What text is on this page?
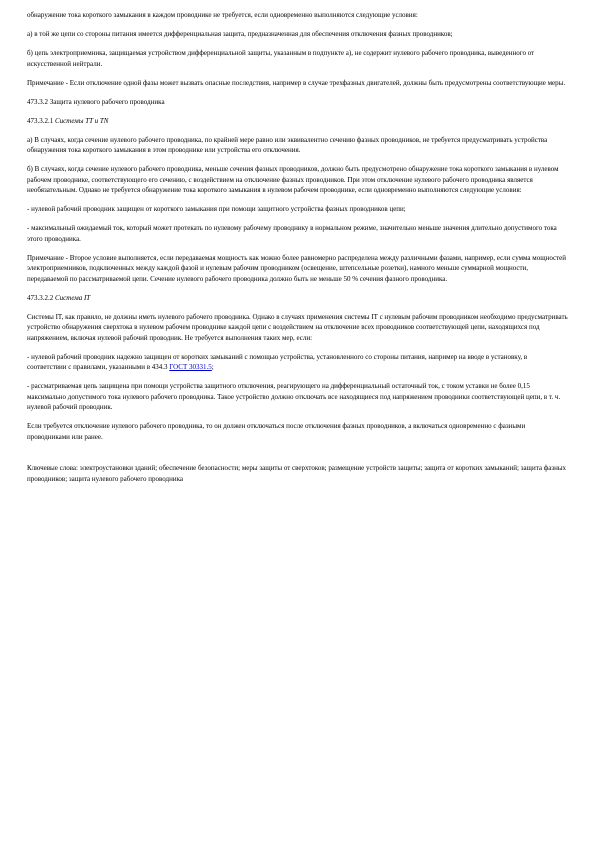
обнаружение тока короткого замыкания в каждом проводнике не требуется, если одновременно выполняются следующие условия:

а) в той же цепи со стороны питания имеется дифференциальная защита, предназначенная для обеспечения отключения фазных проводников;

б) цепь электроприемника, защищаемая устройством дифференциальной защиты, указанным в подпункте а), не содержит нулевого рабочего проводника, выведенного от искусственной нейтрали.

Примечание - Если отключение одной фазы может вызвать опасные последствия, например в случае трехфазных двигателей, должны быть предусмотрены соответствующие меры.

473.3.2 Защита нулевого рабочего проводника

473.3.2.1 Системы TT и TN

а) В случаях, когда сечение нулевого рабочего проводника, по крайней мере равно или эквивалентно сечению фазных проводников, не требуется предусматривать устройства обнаружения тока короткого замыкания в этом проводнике или устройства его отключения.

б) В случаях, когда сечение нулевого рабочего проводника, меньше сечения фазных проводников, должно быть предусмотрено обнаружение тока короткого замыкания в нулевом рабочем проводнике, соответствующего его сечению, с воздействием на отключение фазных проводников. При этом отключение нулевого рабочего проводника является необязательным. Однако не требуется обнаружение тока короткого замыкания в нулевом рабочем проводнике, если одновременно выполняются следующие условия:

- нулевой рабочий проводник защищен от короткого замыкания при помощи защитного устройства фазных проводников цепи;

- максимальный ожидаемый ток, который может протекать по нулевому рабочему проводнику в нормальном режиме, значительно меньше значения длительно допустимого тока этого проводника.

Примечание - Второе условие выполняется, если передаваемая мощность как можно более равномерно распределена между различными фазами, например, если сумма мощностей электроприемников, подключенных между каждой фазой и нулевым рабочим проводником (освещение, штепсельные розетки), намного меньше суммарной мощности, передаваемой по рассматриваемой цепи. Сечение нулевого рабочего проводника должно быть не меньше 50 % сечения фазного проводника.

473.3.2.2 Система IT

Системы IT, как правило, не должны иметь нулевого рабочего проводника. Однако в случаях применения системы IT с нулевым рабочим проводником необходимо предусматривать устройство обнаружения сверхтока в нулевом рабочем проводнике каждой цепи с воздействием на отключение всех проводников соответствующей цепи, находящихся под напряжением, включая нулевой рабочий проводник. Не требуется выполнения таких мер, если:

- нулевой рабочий проводник надежно защищен от коротких замыканий с помощью устройства, установленного со стороны питания, например на вводе в установку, в соответствии с правилами, указанными в 434.3 ГОСТ 30331.5;

- рассматриваемая цепь защищена при помощи устройства защитного отключения, реагирующего на дифференциальный остаточный ток, с током уставки не более 0,15 максимально допустимого тока нулевого рабочего проводника. Такое устройство должно отключать все находящиеся под напряжением проводники соответствующей цепи, в т. ч. нулевой рабочий проводник.

Если требуется отключение нулевого рабочего проводника, то он должен отключаться после отключения фазных проводников, а включаться одновременно с фазными проводниками или ранее.

Ключевые слова: электроустановки зданий; обеспечение безопасности; меры защиты от сверхтоков; размещение устройств защиты; защита от коротких замыканий; защита фазных проводников; защита нулевого рабочего проводника
